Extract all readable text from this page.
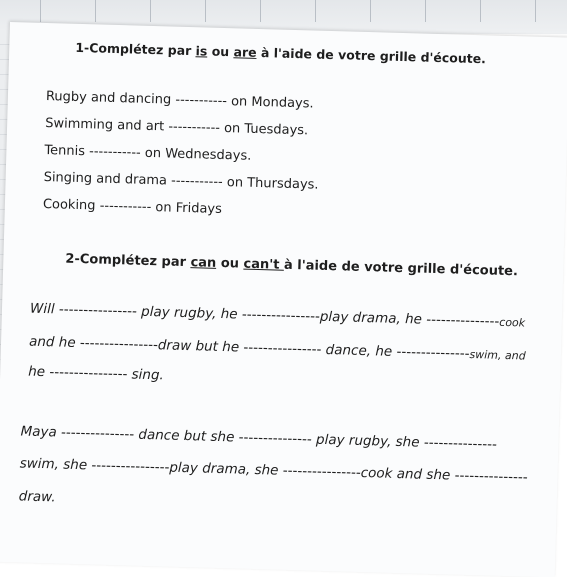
1-Complétez par is ou are à l'aide de votre grille d'écoute.
Rugby and dancing ----------- on Mondays.
Swimming and art ----------- on Tuesdays.
Tennis ----------- on Wednesdays.
Singing and drama ----------- on Thursdays.
Cooking ----------- on Fridays
2-Complétez par can ou can't à l'aide de votre grille d'écoute.
Will ---------------- play rugby, he ----------------play drama, he ---------------cook
and he ----------------draw but he ---------------- dance, he ---------------swim, and
he ---------------- sing.
Maya --------------- dance but she --------------- play rugby, she ---------------
swim, she ----------------play drama, she ----------------cook and she ---------------
draw.
